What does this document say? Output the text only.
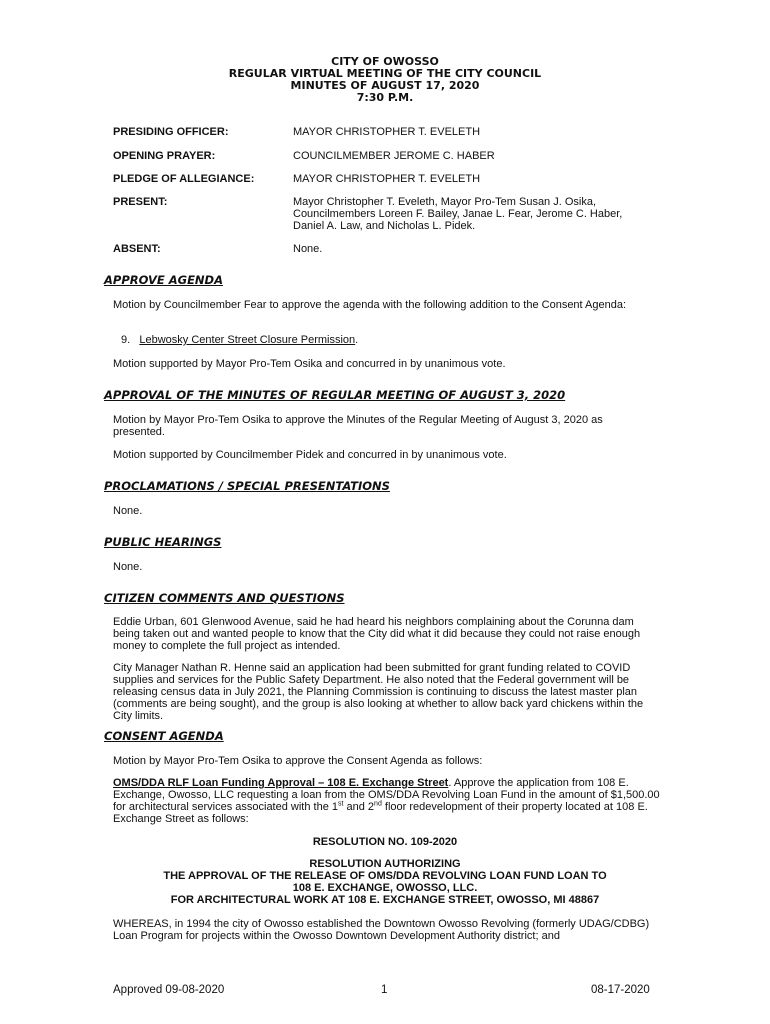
CITY OF OWOSSO
REGULAR VIRTUAL MEETING OF THE CITY COUNCIL
MINUTES OF AUGUST 17, 2020
7:30 P.M.
PRESIDING OFFICER:	MAYOR CHRISTOPHER T. EVELETH
OPENING PRAYER:	COUNCILMEMBER JEROME C. HABER
PLEDGE OF ALLEGIANCE:	MAYOR CHRISTOPHER T. EVELETH
PRESENT:	Mayor Christopher T. Eveleth, Mayor Pro-Tem Susan J. Osika, Councilmembers Loreen F. Bailey, Janae L. Fear, Jerome C. Haber, Daniel A. Law, and Nicholas L. Pidek.
ABSENT:	None.
APPROVE AGENDA
Motion by Councilmember Fear to approve the agenda with the following addition to the Consent Agenda:
9. Lebwosky Center Street Closure Permission.
Motion supported by Mayor Pro-Tem Osika and concurred in by unanimous vote.
APPROVAL OF THE MINUTES OF REGULAR MEETING OF AUGUST 3, 2020
Motion by Mayor Pro-Tem Osika to approve the Minutes of the Regular Meeting of August 3, 2020 as presented.
Motion supported by Councilmember Pidek and concurred in by unanimous vote.
PROCLAMATIONS / SPECIAL PRESENTATIONS
None.
PUBLIC HEARINGS
None.
CITIZEN COMMENTS AND QUESTIONS
Eddie Urban, 601 Glenwood Avenue, said he had heard his neighbors complaining about the Corunna dam being taken out and wanted people to know that the City did what it did because they could not raise enough money to complete the full project as intended.
City Manager Nathan R. Henne said an application had been submitted for grant funding related to COVID supplies and services for the Public Safety Department. He also noted that the Federal government will be releasing census data in July 2021, the Planning Commission is continuing to discuss the latest master plan (comments are being sought), and the group is also looking at whether to allow back yard chickens within the City limits.
CONSENT AGENDA
Motion by Mayor Pro-Tem Osika to approve the Consent Agenda as follows:
OMS/DDA RLF Loan Funding Approval – 108 E. Exchange Street. Approve the application from 108 E. Exchange, Owosso, LLC requesting a loan from the OMS/DDA Revolving Loan Fund in the amount of $1,500.00 for architectural services associated with the 1st and 2nd floor redevelopment of their property located at 108 E. Exchange Street as follows:
RESOLUTION NO. 109-2020
RESOLUTION AUTHORIZING
THE APPROVAL OF THE RELEASE OF OMS/DDA REVOLVING LOAN FUND LOAN TO
108 E. EXCHANGE, OWOSSO, LLC.
FOR ARCHITECTURAL WORK AT 108 E. EXCHANGE STREET, OWOSSO, MI 48867
WHEREAS, in 1994 the city of Owosso established the Downtown Owosso Revolving (formerly UDAG/CDBG) Loan Program for projects within the Owosso Downtown Development Authority district; and
Approved 09-08-2020	1	08-17-2020
